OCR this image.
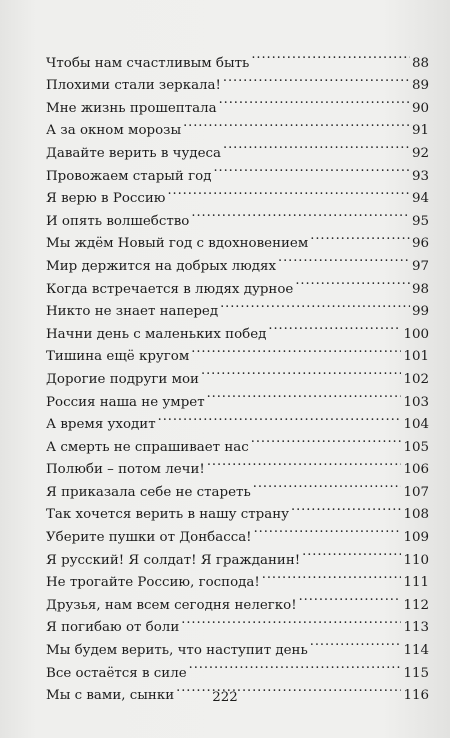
Чтобы нам счастливым быть . . .	88
Плохими стали зеркала! . . .	89
Мне жизнь прошептала . . .	90
А за окном морозы . . .	91
Давайте верить в чудеса . . .	92
Провожаем старый год . . .	93
Я верю в Россию . . .	94
И опять волшебство . . .	95
Мы ждём Новый год с вдохновением . . .	96
Мир держится на добрых людях . . .	97
Когда встречается в людях дурное . . .	98
Никто не знает наперед . . .	99
Начни день с маленьких побед . . .	100
Тишина ещё кругом . . .	101
Дорогие подруги мои . . .	102
Россия наша не умрет . . .	103
А время уходит . . .	104
А смерть не спрашивает нас . . .	105
Полюби – потом лечи! . . .	106
Я приказала себе не стареть . . .	107
Так хочется верить в нашу страну . . .	108
Уберите пушки от Донбасса! . . .	109
Я русский! Я солдат! Я гражданин! . . .	110
Не трогайте Россию, господа! . . .	111
Друзья, нам всем сегодня нелегко! . . .	112
Я погибаю от боли . . .	113
Мы будем верить, что наступит день . . .	114
Все остаётся в силе . . .	115
Мы с вами, сынки . . .	116
222
